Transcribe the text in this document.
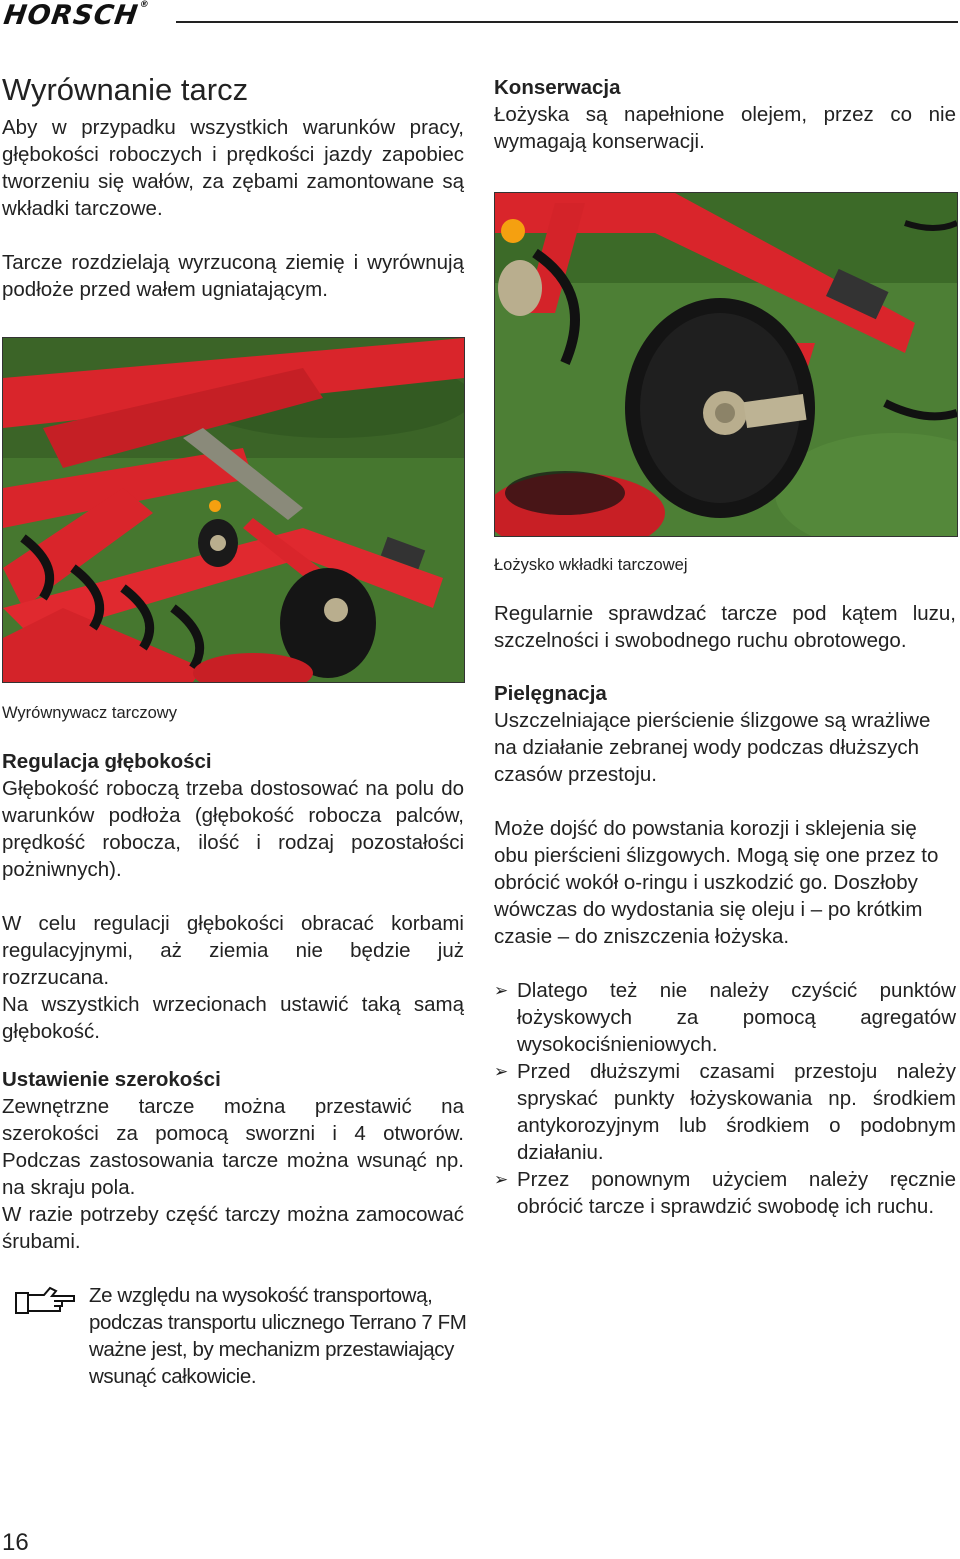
HORSCH®
Wyrównanie tarcz

Aby w przypadku wszystkich warunków pracy, głębokości roboczych i prędkości jazdy zapobiec tworzeniu się wałów, za zębami zamontowane są wkładki tarczowe.

Tarcze rozdzielają wyrzuconą ziemię i wyrównują podłoże przed wałem ugniatającym.

Wyrównywacz tarczowy
Regulacja głębokości

Głębokość roboczą trzeba dostosować na polu do warunków podłoża (głębokość robocza palców, prędkość robocza, ilość i rodzaj pozostałości pożniwnych).

W celu regulacji głębokości obracać korbami regulacyjnymi, aż ziemia nie będzie już rozrzucana.

Na wszystkich wrzecionach ustawić taką samą głębokość.

Ustawienie szerokości

Zewnętrzne tarcze można przestawić na szerokości za pomocą sworzni i 4 otworów. Podczas zastosowania tarcze można wsunąć np. na skraju pola.

W razie potrzeby część tarczy można zamocować śrubami.

Ze względu na wysokość transportową, podczas transportu ulicznego Terrano 7 FM ważne jest, by mechanizm przestawiający wsunąć całkowicie.
Konserwacja

Łożyska są napełnione olejem, przez co nie wymagają konserwacji.

Łożysko wkładki tarczowej
Regularnie sprawdzać tarcze pod kątem luzu, szczelności i swobodnego ruchu obrotowego.
Pielęgnacja

Uszczelniające pierścienie ślizgowe są wrażliwe na działanie zebranej wody podczas dłuższych czasów przestoju.

Może dojść do powstania korozji i sklejenia się obu pierścieni ślizgowych. Mogą się one przez to obrócić wokół o-ringu i uszkodzić go. Doszłoby wówczas do wydostania się oleju i – po krótkim czasie – do zniszczenia łożyska.

➢ Dlatego też nie należy czyścić punktów łożyskowych za pomocą agregatów wysokociśnieniowych.
➢ Przed dłuższymi czasami przestoju należy spryskać punkty łożyskowania np. środkiem antykorozyjnym lub środkiem o podobnym działaniu.
➢ Przez ponownym użyciem należy ręcznie obrócić tarcze i sprawdzić swobodę ich ruchu.
16
